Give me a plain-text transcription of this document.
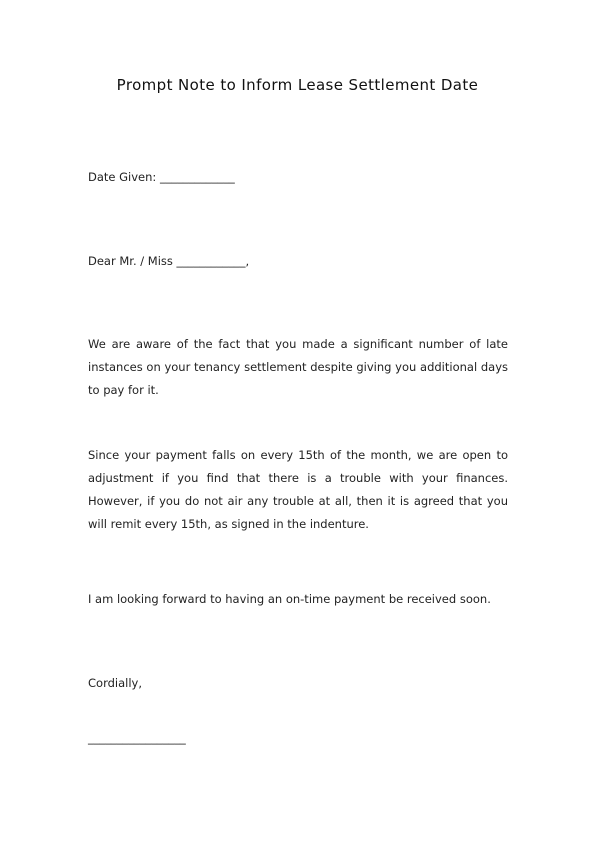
Prompt Note to Inform Lease Settlement Date
Date Given: _____________
Dear Mr. / Miss ____________,
We are aware of the fact that you made a significant number of late
instances on your tenancy settlement despite giving you additional days
to pay for it.
Since your payment falls on every 15th of the month, we are open to
adjustment if you find that there is a trouble with your finances.
However, if you do not air any trouble at all, then it is agreed that you
will remit every 15th, as signed in the indenture.
I am looking forward to having an on-time payment be received soon.
Cordially,
_________________
